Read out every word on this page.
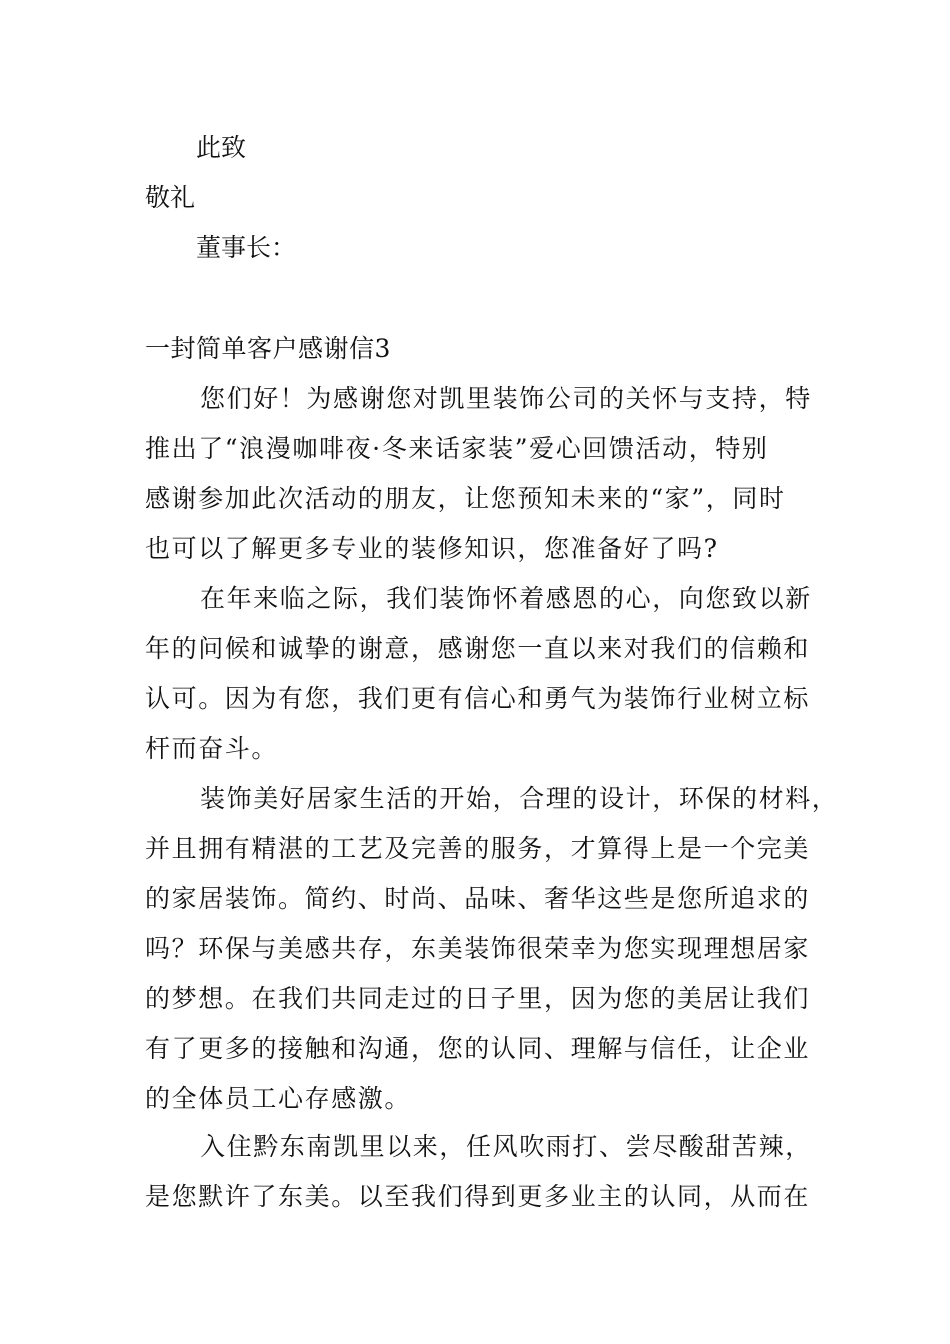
此致

敬礼

董事长：

一封简单客户感谢信3

您们好！为感谢您对凯里装饰公司的关怀与支持，特

推出了“浪漫咖啡夜·冬来话家装”爱心回馈活动，特别

感谢参加此次活动的朋友，让您预知未来的“家”，同时

也可以了解更多专业的装修知识，您准备好了吗?

在年来临之际，我们装饰怀着感恩的心，向您致以新

年的问候和诚挚的谢意，感谢您一直以来对我们的信赖和

认可。因为有您，我们更有信心和勇气为装饰行业树立标

杆而奋斗。

装饰美好居家生活的开始，合理的设计，环保的材料，

并且拥有精湛的工艺及完善的服务，才算得上是一个完美

的家居装饰。简约、时尚、品味、奢华这些是您所追求的

吗？环保与美感共存，东美装饰很荣幸为您实现理想居家

的梦想。在我们共同走过的日子里，因为您的美居让我们

有了更多的接触和沟通，您的认同、理解与信任，让企业

的全体员工心存感激。

入住黔东南凯里以来，任风吹雨打、尝尽酸甜苦辣，

是您默许了东美。以至我们得到更多业主的认同，从而在
